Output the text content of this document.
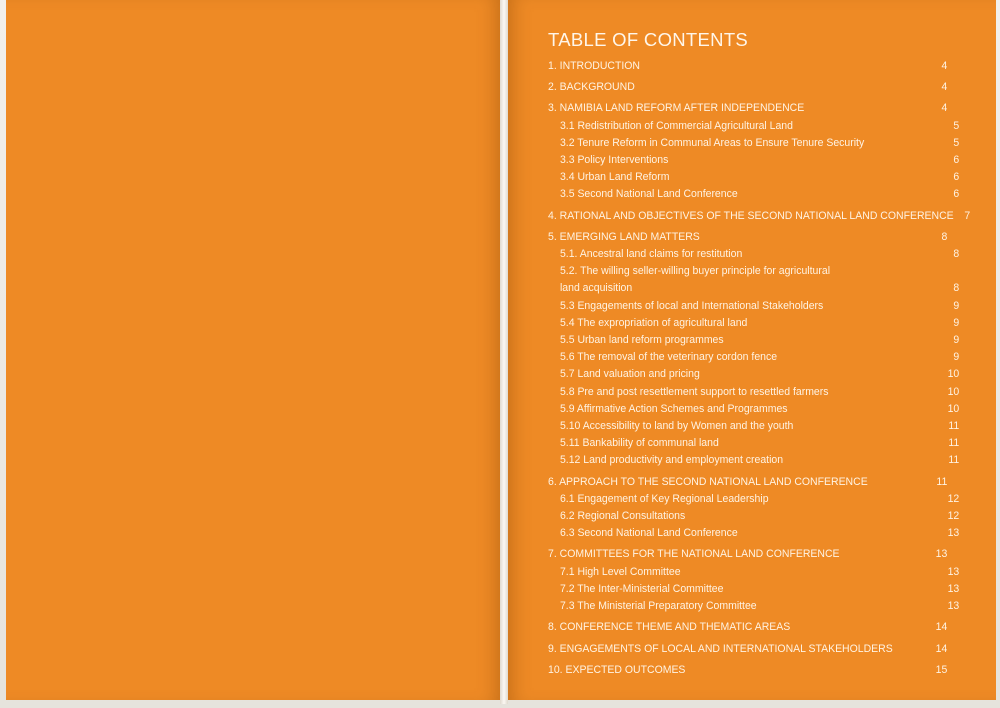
TABLE OF CONTENTS
1. INTRODUCTION	4
2. BACKGROUND	4
3. NAMIBIA LAND REFORM AFTER INDEPENDENCE	4
3.1 Redistribution of Commercial Agricultural Land	5
3.2 Tenure Reform in Communal Areas to Ensure Tenure Security	5
3.3 Policy Interventions	6
3.4 Urban Land Reform	6
3.5 Second National Land Conference	6
4. RATIONAL AND OBJECTIVES OF THE SECOND NATIONAL LAND CONFERENCE 7
5. EMERGING LAND MATTERS	8
5.1. Ancestral land claims for restitution	8
5.2. The willing seller-willing buyer principle for agricultural land acquisition	8
5.3 Engagements of local and International Stakeholders	9
5.4 The expropriation of agricultural land	9
5.5 Urban land reform programmes	9
5.6 The removal of the veterinary cordon fence	9
5.7 Land valuation and pricing	10
5.8 Pre and post resettlement support to resettled farmers	10
5.9 Affirmative Action Schemes and Programmes	10
5.10 Accessibility to land by Women and the youth	11
5.11 Bankability of communal land	11
5.12 Land productivity and employment creation	11
6. APPROACH TO THE SECOND NATIONAL LAND CONFERENCE	11
6.1 Engagement of Key Regional Leadership	12
6.2 Regional Consultations	12
6.3 Second National Land Conference	13
7. COMMITTEES FOR THE NATIONAL LAND CONFERENCE	13
7.1 High Level Committee	13
7.2 The Inter-Ministerial Committee	13
7.3 The Ministerial Preparatory Committee	13
8. CONFERENCE THEME AND THEMATIC AREAS	14
9. ENGAGEMENTS OF LOCAL AND INTERNATIONAL STAKEHOLDERS	14
10. EXPECTED OUTCOMES	15
